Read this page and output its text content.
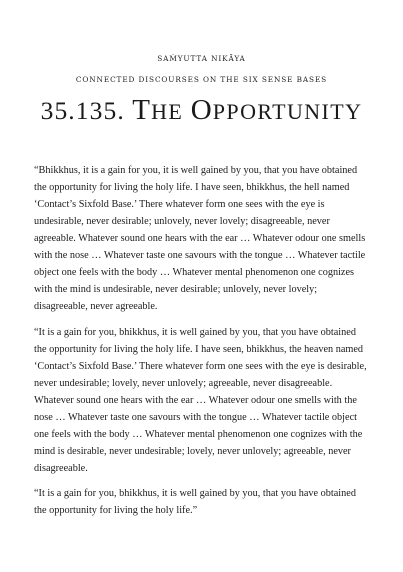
SAṀYUTTA NIKĀYA
CONNECTED DISCOURSES ON THE SIX SENSE BASES
35.135. THE OPPORTUNITY

“Bhikkhus, it is a gain for you, it is well gained by you, that you have obtained
the opportunity for living the holy life. I have seen, bhikkhus, the hell named
‘Contact’s Sixfold Base.’ There whatever form one sees with the eye is
undesirable, never desirable; unlovely, never lovely; disagreeable, never
agreeable. Whatever sound one hears with the ear … Whatever odour one smells
with the nose … Whatever taste one savours with the tongue … Whatever tactile
object one feels with the body … Whatever mental phenomenon one cognizes
with the mind is undesirable, never desirable; unlovely, never lovely;
disagreeable, never agreeable.

“It is a gain for you, bhikkhus, it is well gained by you, that you have obtained
the opportunity for living the holy life. I have seen, bhikkhus, the heaven named
‘Contact’s Sixfold Base.’ There whatever form one sees with the eye is desirable,
never undesirable; lovely, never unlovely; agreeable, never disagreeable.
Whatever sound one hears with the ear … Whatever odour one smells with the
nose … Whatever taste one savours with the tongue … Whatever tactile object
one feels with the body … Whatever mental phenomenon one cognizes with the
mind is desirable, never undesirable; lovely, never unlovely; agreeable, never
disagreeable.

“It is a gain for you, bhikkhus, it is well gained by you, that you have obtained
the opportunity for living the holy life.”
